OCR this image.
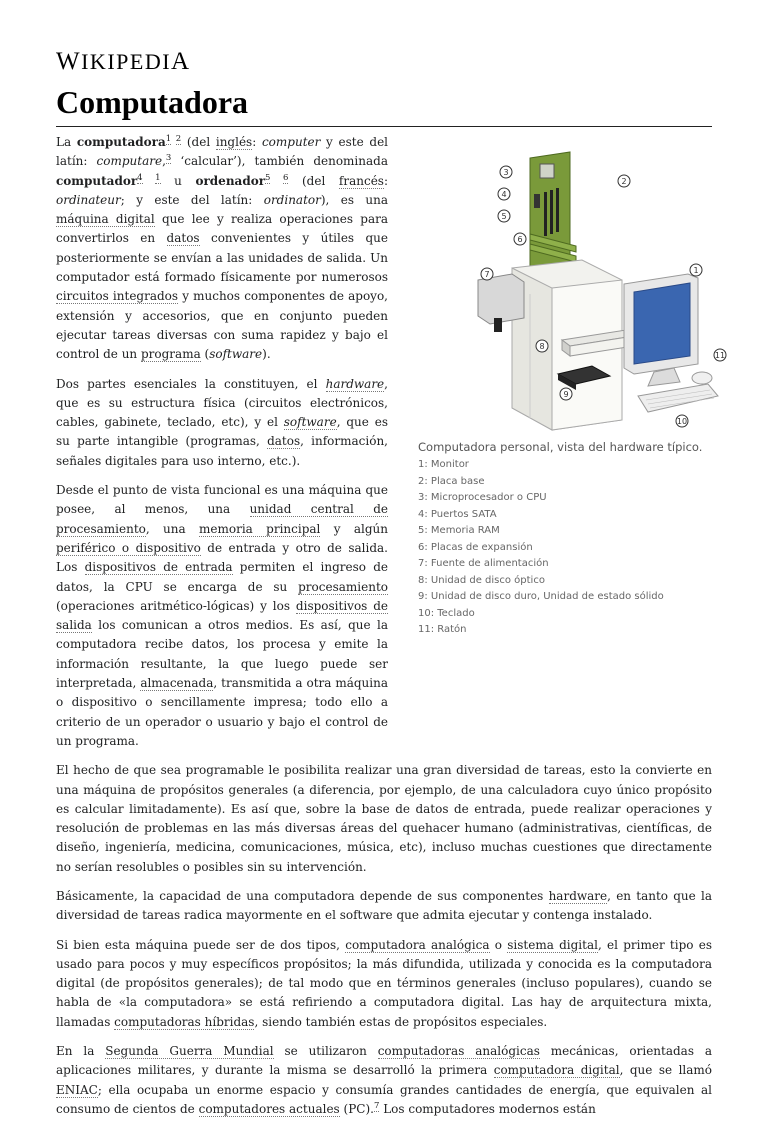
WIKIPEDIA
Computadora
3
4
5
2
6
1
7
8
9
11
10
Computadora personal, vista del hardware típico.
1: Monitor
2: Placa base
3: Microprocesador o CPU
4: Puertos SATA
5: Memoria RAM
6: Placas de expansión
7: Fuente de alimentación
8: Unidad de disco óptico
9: Unidad de disco duro, Unidad de estado sólido
10: Teclado
11: Ratón

La computadora$^{1 2}$ (del inglés: computer y este del latín: computare,$^3$ ‘calcular’), también denominada computador$^{4 1}$ u ordenador$^{5 6}$ (del francés: ordinateur; y este del latín: ordinator), es una máquina digital que lee y realiza operaciones para convertirlos en datos convenientes y útiles que posteriormente se envían a las unidades de salida. Un computador está formado físicamente por numerosos circuitos integrados y muchos componentes de apoyo, extensión y accesorios, que en conjunto pueden ejecutar tareas diversas con suma rapidez y bajo el control de un programa (software).

Dos partes esenciales la constituyen, el hardware, que es su estructura física (circuitos electrónicos, cables, gabinete, teclado, etc), y el software, que es su parte intangible (programas, datos, información, señales digitales para uso interno, etc.).

Desde el punto de vista funcional es una máquina que posee, al menos, una unidad central de procesamiento, una memoria principal y algún periférico o dispositivo de entrada y otro de salida. Los dispositivos de entrada permiten el ingreso de datos, la CPU se encarga de su procesamiento (operaciones aritmético-lógicas) y los dispositivos de salida los comunican a otros medios. Es así, que la computadora recibe datos, los procesa y emite la información resultante, la que luego puede ser interpretada, almacenada, transmitida a otra máquina o dispositivo o sencillamente impresa; todo ello a criterio de un operador o usuario y bajo el control de un programa.

El hecho de que sea programable le posibilita realizar una gran diversidad de tareas, esto la convierte en una máquina de propósitos generales (a diferencia, por ejemplo, de una calculadora cuyo único propósito es calcular limitadamente). Es así que, sobre la base de datos de entrada, puede realizar operaciones y resolución de problemas en las más diversas áreas del quehacer humano (administrativas, científicas, de diseño, ingeniería, medicina, comunicaciones, música, etc), incluso muchas cuestiones que directamente no serían resolubles o posibles sin su intervención.

Básicamente, la capacidad de una computadora depende de sus componentes hardware, en tanto que la diversidad de tareas radica mayormente en el software que admita ejecutar y contenga instalado.

Si bien esta máquina puede ser de dos tipos, computadora analógica o sistema digital, el primer tipo es usado para pocos y muy específicos propósitos; la más difundida, utilizada y conocida es la computadora digital (de propósitos generales); de tal modo que en términos generales (incluso populares), cuando se habla de «la computadora» se está refiriendo a computadora digital. Las hay de arquitectura mixta, llamadas computadoras híbridas, siendo también estas de propósitos especiales.

En la Segunda Guerra Mundial se utilizaron computadoras analógicas mecánicas, orientadas a aplicaciones militares, y durante la misma se desarrolló la primera computadora digital, que se llamó ENIAC; ella ocupaba un enorme espacio y consumía grandes cantidades de energía, que equivalen al consumo de cientos de computadores actuales (PC).$^7$ Los computadores modernos están
